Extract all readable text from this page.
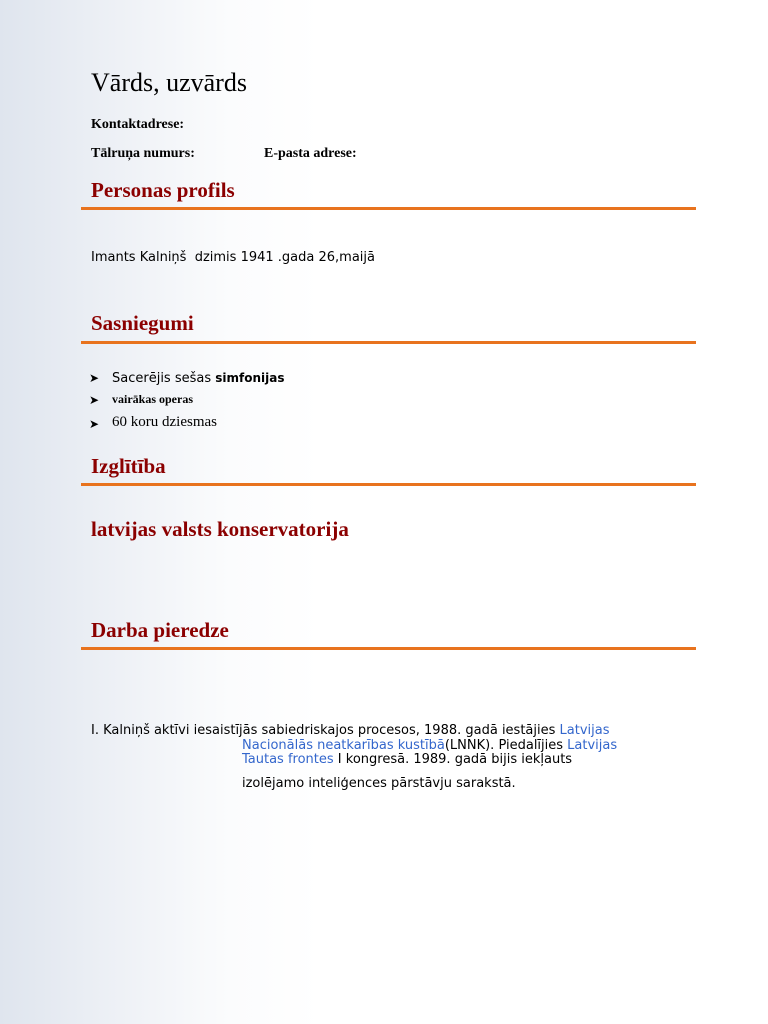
Vārds, uzvārds
Kontaktadrese:
Tālruņa numurs:	E-pasta adrese:
Personas profils
Imants Kalniņš  dzimis 1941 .gada 26,maijā
Sasniegumi
➤ Sacerējis sešas simfonijas
➤ vairākas operas
➤ 60 koru dziesmas
Izglītība
latvijas valsts konservatorija
Darba pieredze
I. Kalniņš aktīvi iesaistījās sabiedriskajos procesos, 1988. gadā iestājies Latvijas
Nacionālās neatkarības kustībā(LNNK). Piedalījies Latvijas
Tautas frontes I kongresā. 1989. gadā bijis iekļauts
izolējamo inteliģences pārstāvju sarakstā.
